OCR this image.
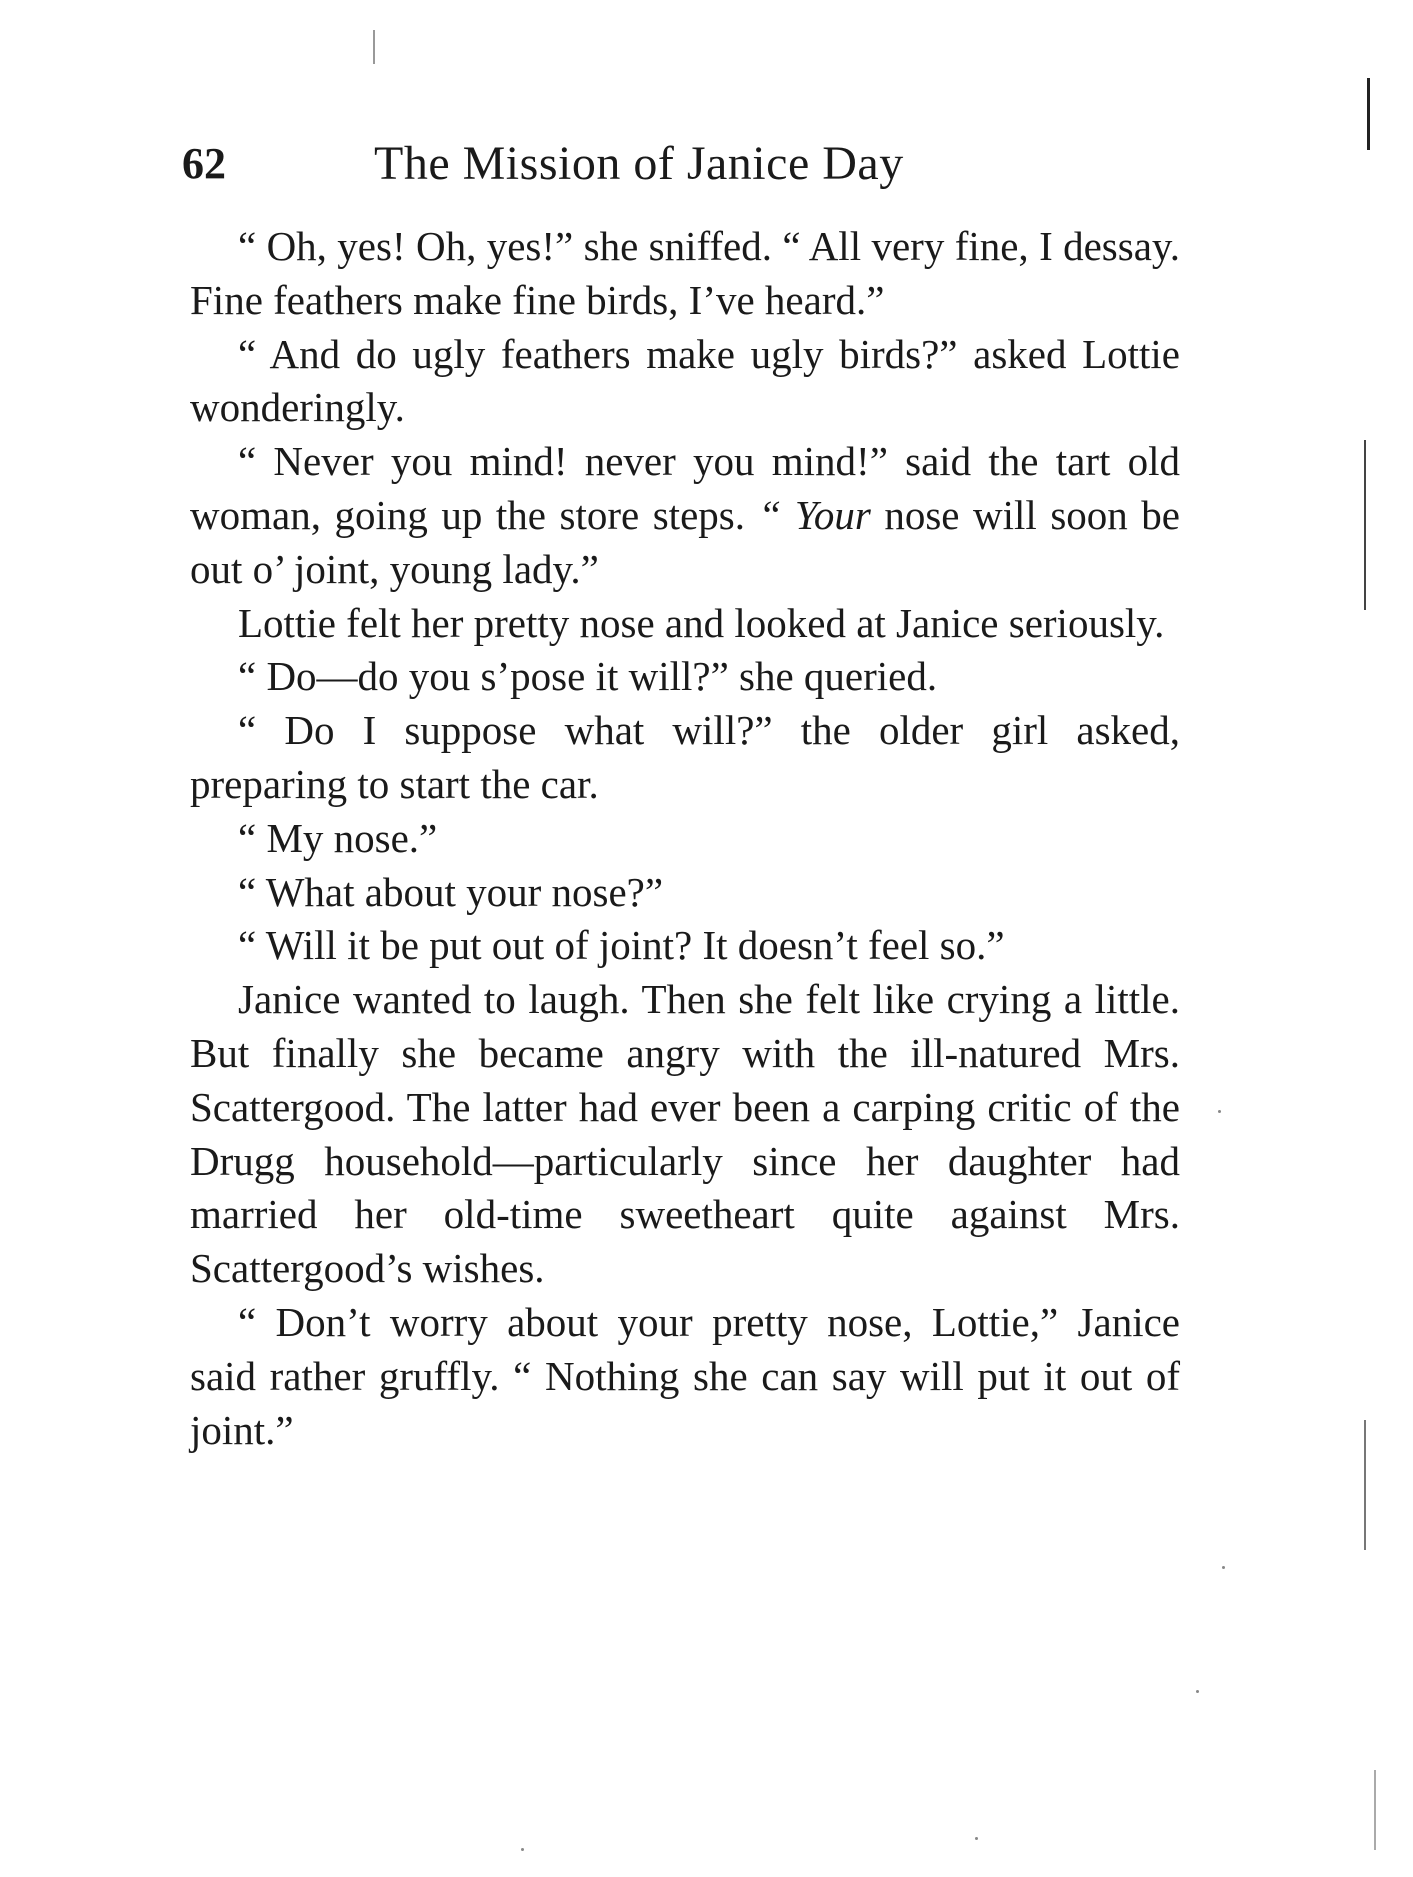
62	The Mission of Janice Day

“ Oh, yes! Oh, yes!” she sniffed. “ All very fine, I dessay. Fine feathers make fine birds, I’ve heard.”

“ And do ugly feathers make ugly birds?” asked Lottie wonderingly.

“ Never you mind! never you mind!” said the tart old woman, going up the store steps. “ Your nose will soon be out o’ joint, young lady.”

Lottie felt her pretty nose and looked at Janice seriously.

“ Do—do you s’pose it will?” she queried.

“ Do I suppose what will?” the older girl asked, preparing to start the car.

“ My nose.”

“ What about your nose?”

“ Will it be put out of joint? It doesn’t feel so.”

Janice wanted to laugh. Then she felt like crying a little. But finally she became angry with the ill-natured Mrs. Scattergood. The latter had ever been a carping critic of the Drugg household—particularly since her daughter had married her old-time sweetheart quite against Mrs. Scattergood’s wishes.

“ Don’t worry about your pretty nose, Lottie,” Janice said rather gruffly. “ Nothing she can say will put it out of joint.”
